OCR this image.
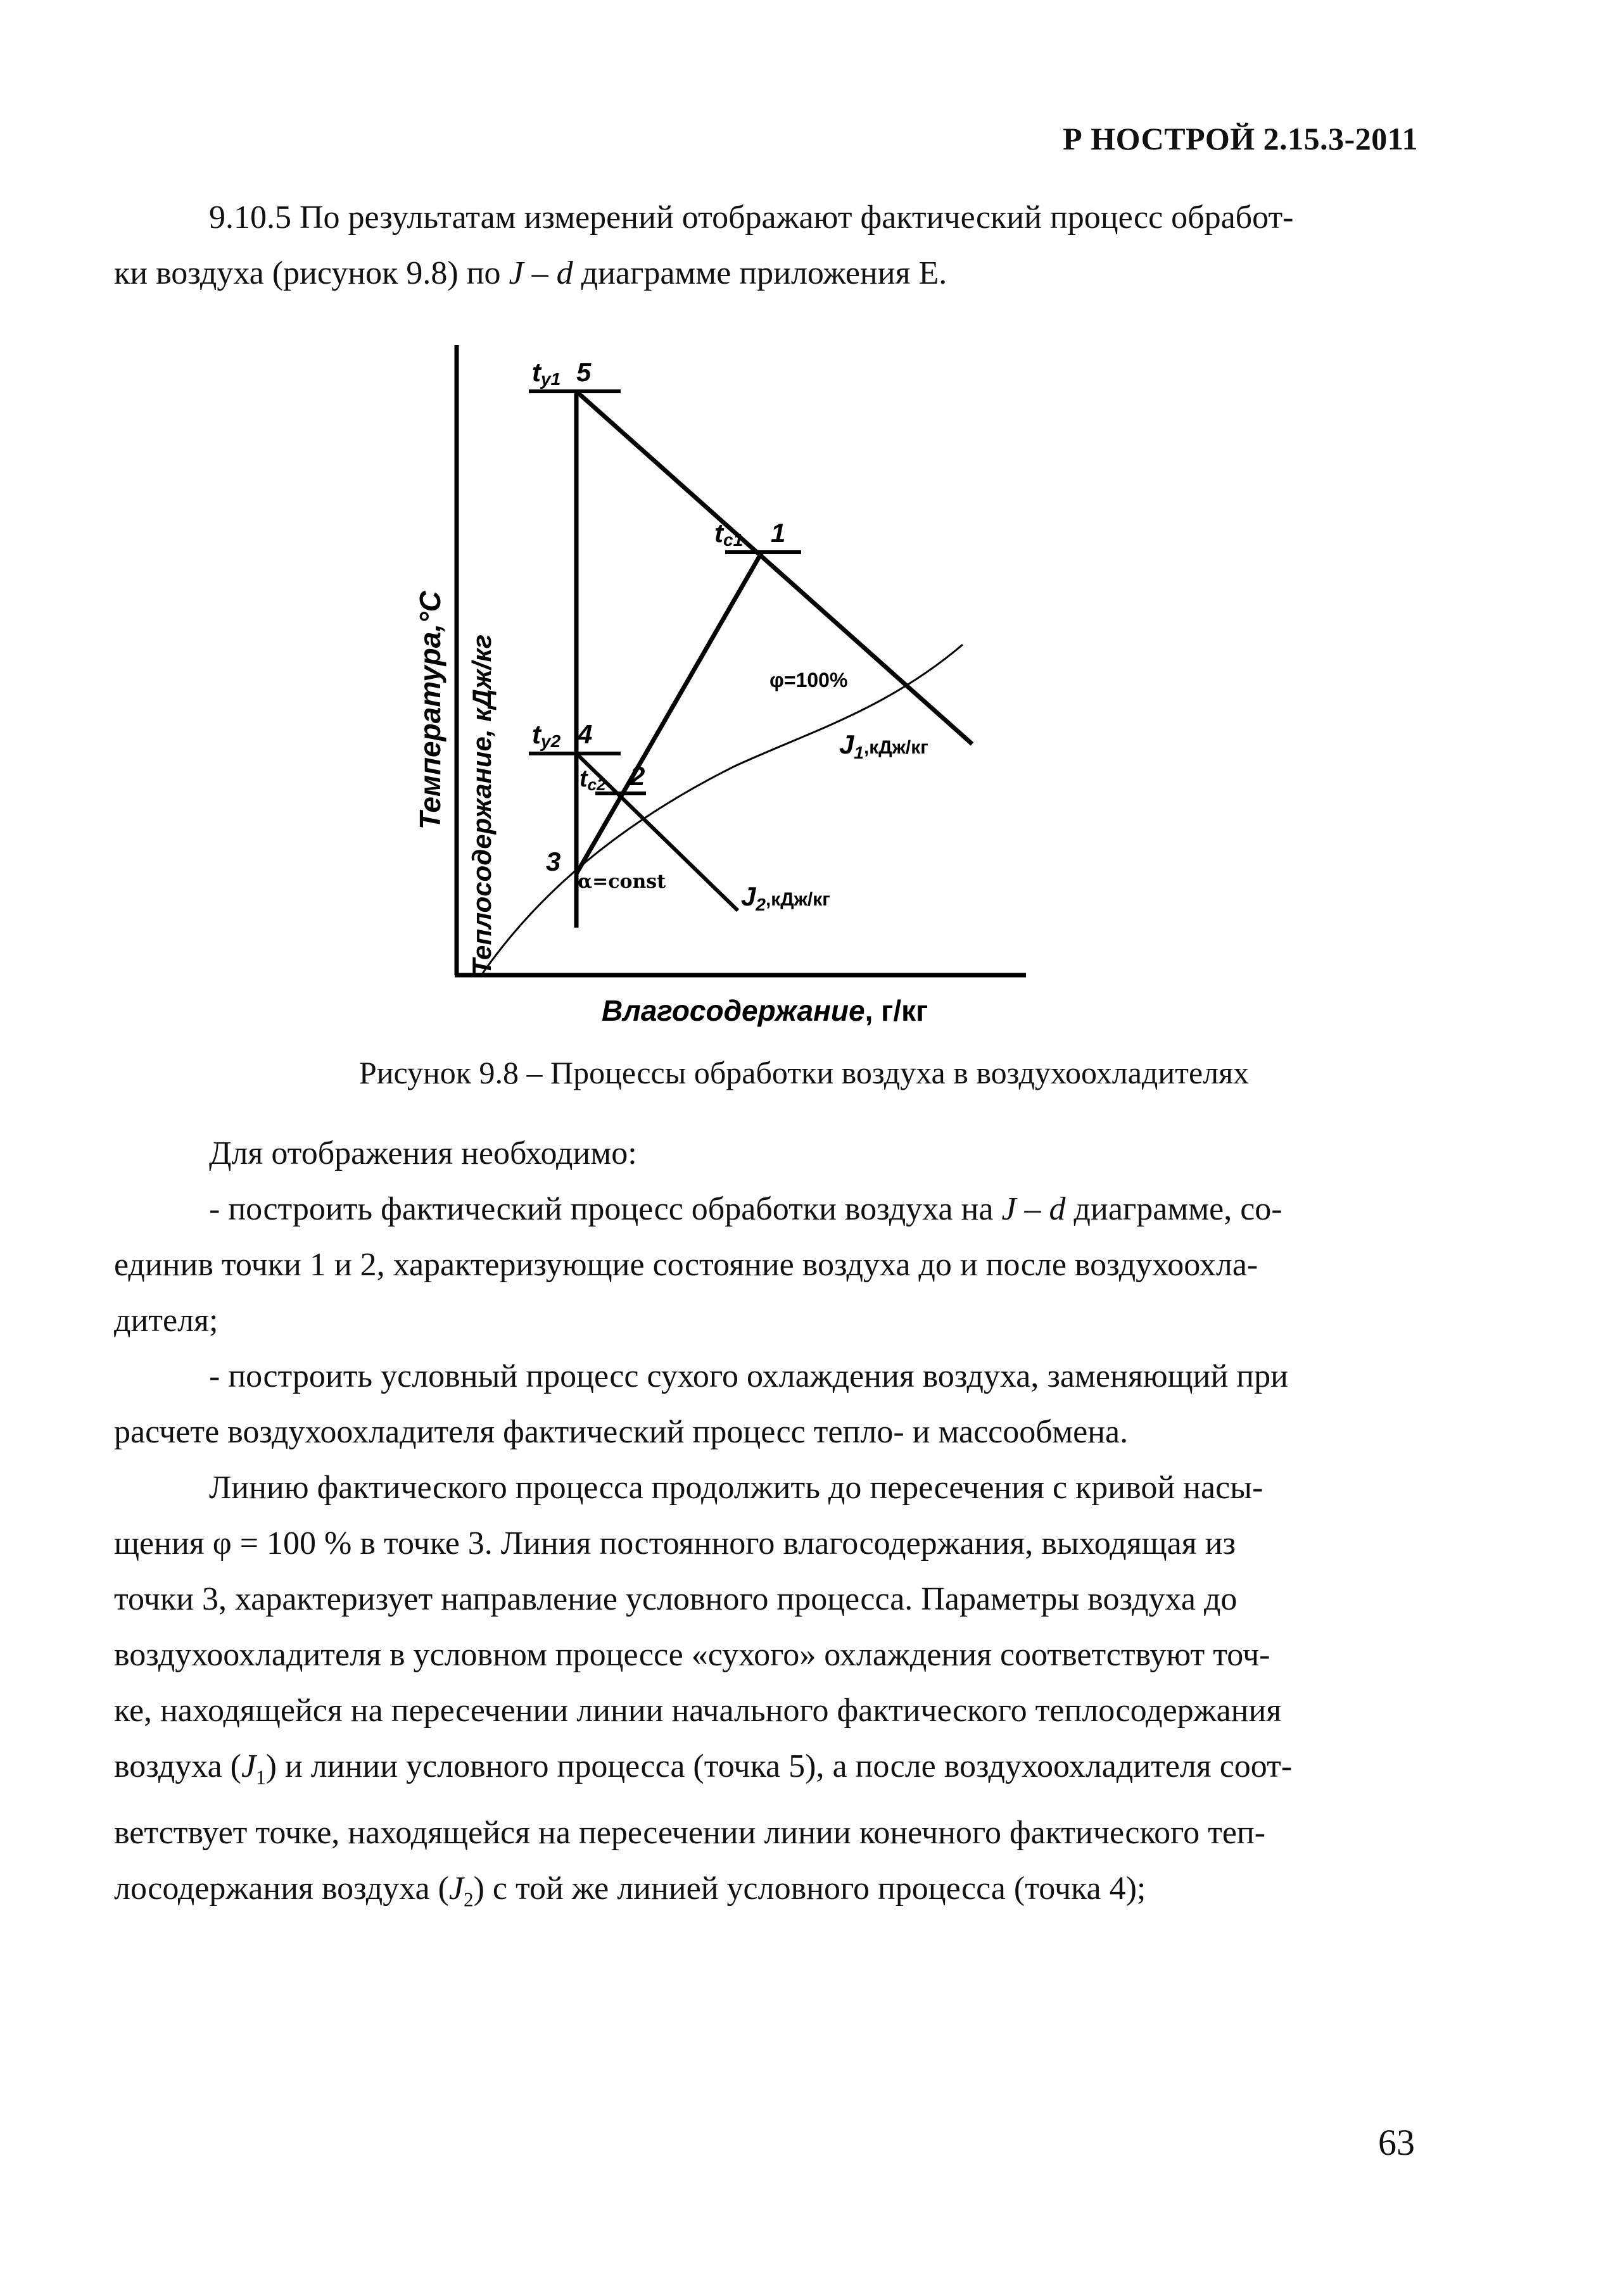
Р НОСТРОЙ 2.15.3-2011
9.10.5 По результатам измерений отображают фактический процесс обработ-
ки воздуха (рисунок 9.8) по J – d диаграмме приложения Е.
Температура,°С Теплосодержание, кДж/кг
Влагосодержание, г/кг
ty1 5
tc1 1
φ=100%
J1,кДж/кг
ty2 4
tc2 2
3
α=const	J2,кДж/кг
Рисунок 9.8 – Процессы обработки воздуха в воздухоохладителях
Для отображения необходимо:
- построить фактический процесс обработки воздуха на J – d диаграмме, со-
единив точки 1 и 2, характеризующие состояние воздуха до и после воздухоохла-
дителя;
- построить условный процесс сухого охлаждения воздуха, заменяющий при
расчете воздухоохладителя фактический процесс тепло- и массообмена.
Линию фактического процесса продолжить до пересечения с кривой насы-
щения φ = 100 % в точке 3. Линия постоянного влагосодержания, выходящая из
точки 3, характеризует направление условного процесса. Параметры воздуха до
воздухоохладителя в условном процессе «сухого» охлаждения соответствуют точ-
ке, находящейся на пересечении линии начального фактического теплосодержания
воздуха $(J_1)$ и линии условного процесса (точка 5), а после воздухоохладителя соот-
ветствует точке, находящейся на пересечении линии конечного фактического теп-
лосодержания воздуха $(J_2)$ с той же линией условного процесса (точка 4);
63
